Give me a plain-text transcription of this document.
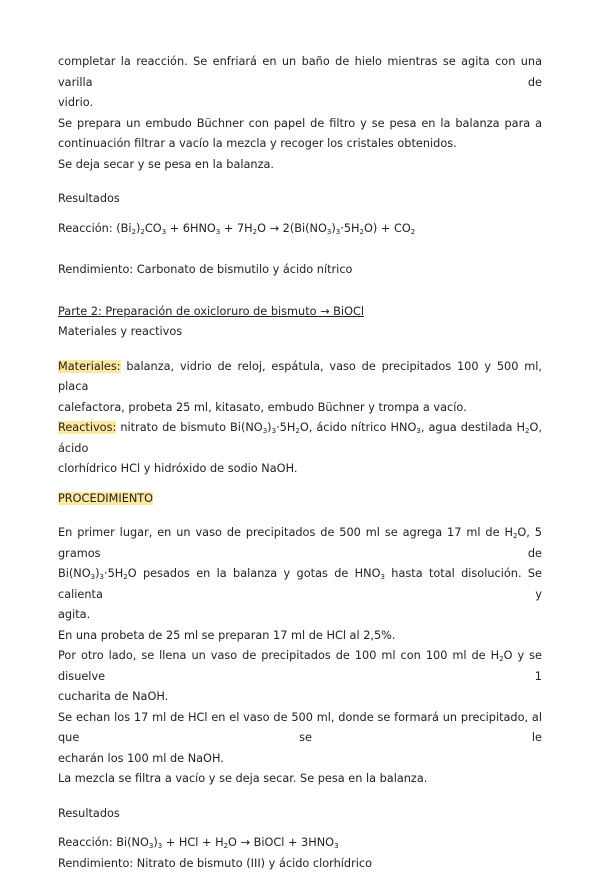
completar la reacción. Se enfriará en un baño de hielo mientras se agita con una varilla de

vidrio.

Se prepara un embudo Büchner con papel de filtro y se pesa en la balanza para a

continuación filtrar a vacío la mezcla y recoger los cristales obtenidos.

Se deja secar y se pesa en la balanza.

Resultados

Reacción: $(Bi_2)_2CO_3 + 6HNO_3 + 7H_2O \to 2(Bi(NO_3)_3\cdot 5H_2O) + CO_2$

Rendimiento: Carbonato de bismutilo y ácido nítrico

Parte 2: Preparación de oxicloruro de bismuto → BiOCl

Materiales y reactivos

Materiales: balanza, vidrio de reloj, espátula, vaso de precipitados 100 y 500 ml, placa

calefactora, probeta 25 ml, kitasato, embudo Büchner y trompa a vacío.

Reactivos: nitrato de bismuto $Bi(NO_3)_3\cdot 5H_2O$, ácido nítrico $HNO_3$, agua destilada $H_2O$, ácido

clorhídrico HCl y hidróxido de sodio NaOH.

PROCEDIMIENTO

En primer lugar, en un vaso de precipitados de 500 ml se agrega 17 ml de $H_2O$, 5 gramos de

$Bi(NO_3)_3\cdot 5H_2O$ pesados en la balanza y gotas de $HNO_3$ hasta total disolución. Se calienta y

agita.

En una probeta de 25 ml se preparan 17 ml de HCl al 2,5%.

Por otro lado, se llena un vaso de precipitados de 100 ml con 100 ml de $H_2O$ y se disuelve 1

cucharita de NaOH.

Se echan los 17 ml de HCl en el vaso de 500 ml, donde se formará un precipitado, al que se le

echarán los 100 ml de NaOH.

La mezcla se filtra a vacío y se deja secar. Se pesa en la balanza.

Resultados

Reacción: $Bi(NO_3)_3$ + HCl + $H_2O$ → BiOCl + $3HNO_3$

Rendimiento: Nitrato de bismuto (III) y ácido clorhídrico
